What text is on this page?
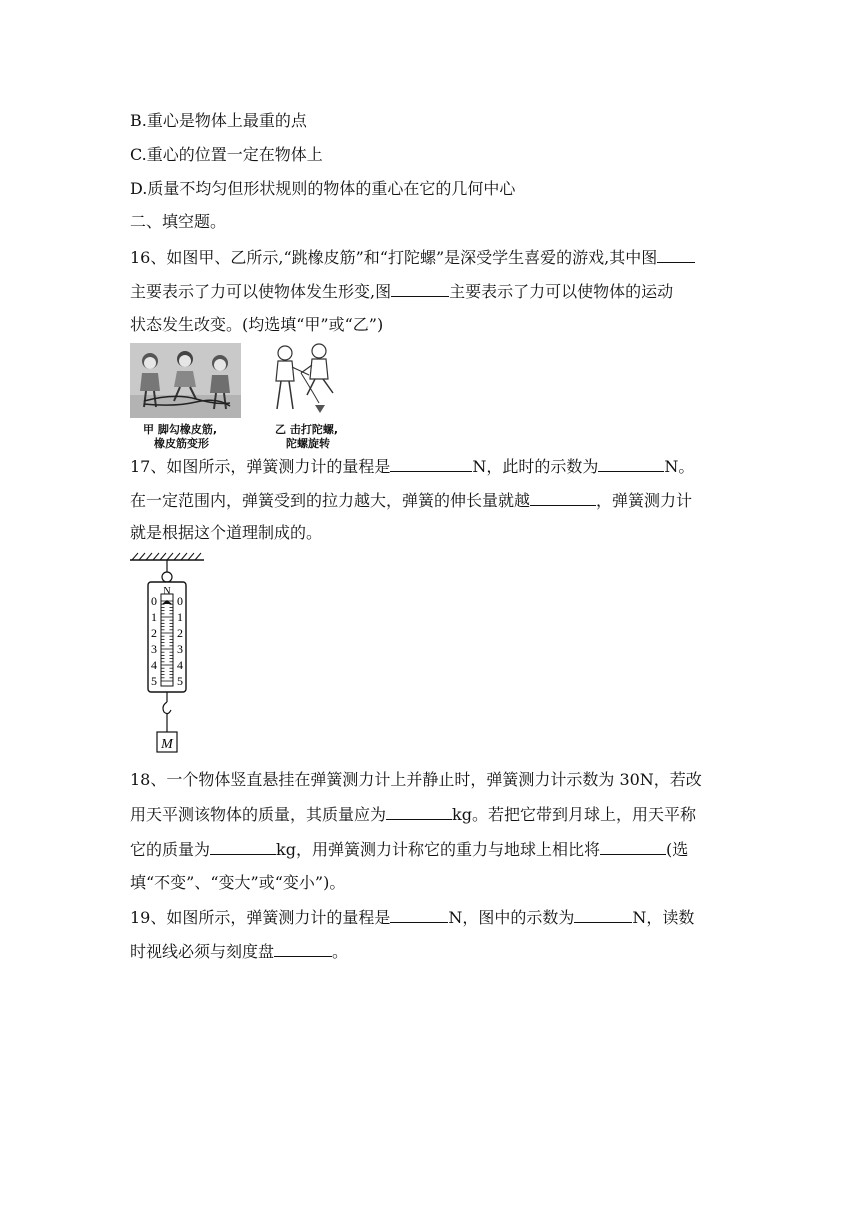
B.重心是物体上最重的点
C.重心的位置一定在物体上
D.质量不均匀但形状规则的物体的重心在它的几何中心
二、填空题。
16、如图甲、乙所示,“跳橡皮筋”和“打陀螺”是深受学生喜爱的游戏,其中图
主要表示了力可以使物体发生形变,图	主要表示了力可以使物体的运动
状态发生改变。(均选填“甲”或“乙”)
甲 脚勾橡皮筋,
橡皮筋变形
乙 击打陀螺,
陀螺旋转
17、如图所示，弹簧测力计的量程是	N，此时的示数为	N。
在一定范围内，弹簧受到的拉力越大，弹簧的伸长量就越	，弹簧测力计
就是根据这个道理制成的。
N
0
1
2
3
4
5
0
1
2
3
4
5
M
18、一个物体竖直悬挂在弹簧测力计上并静止时，弹簧测力计示数为 30N，若改
用天平测该物体的质量，其质量应为	kg。若把它带到月球上，用天平称
它的质量为	kg，用弹簧测力计称它的重力与地球上相比将	(选
填“不变”、“变大”或“变小”)。
19、如图所示，弹簧测力计的量程是	N，图中的示数为	N，读数
时视线必须与刻度盘	。
